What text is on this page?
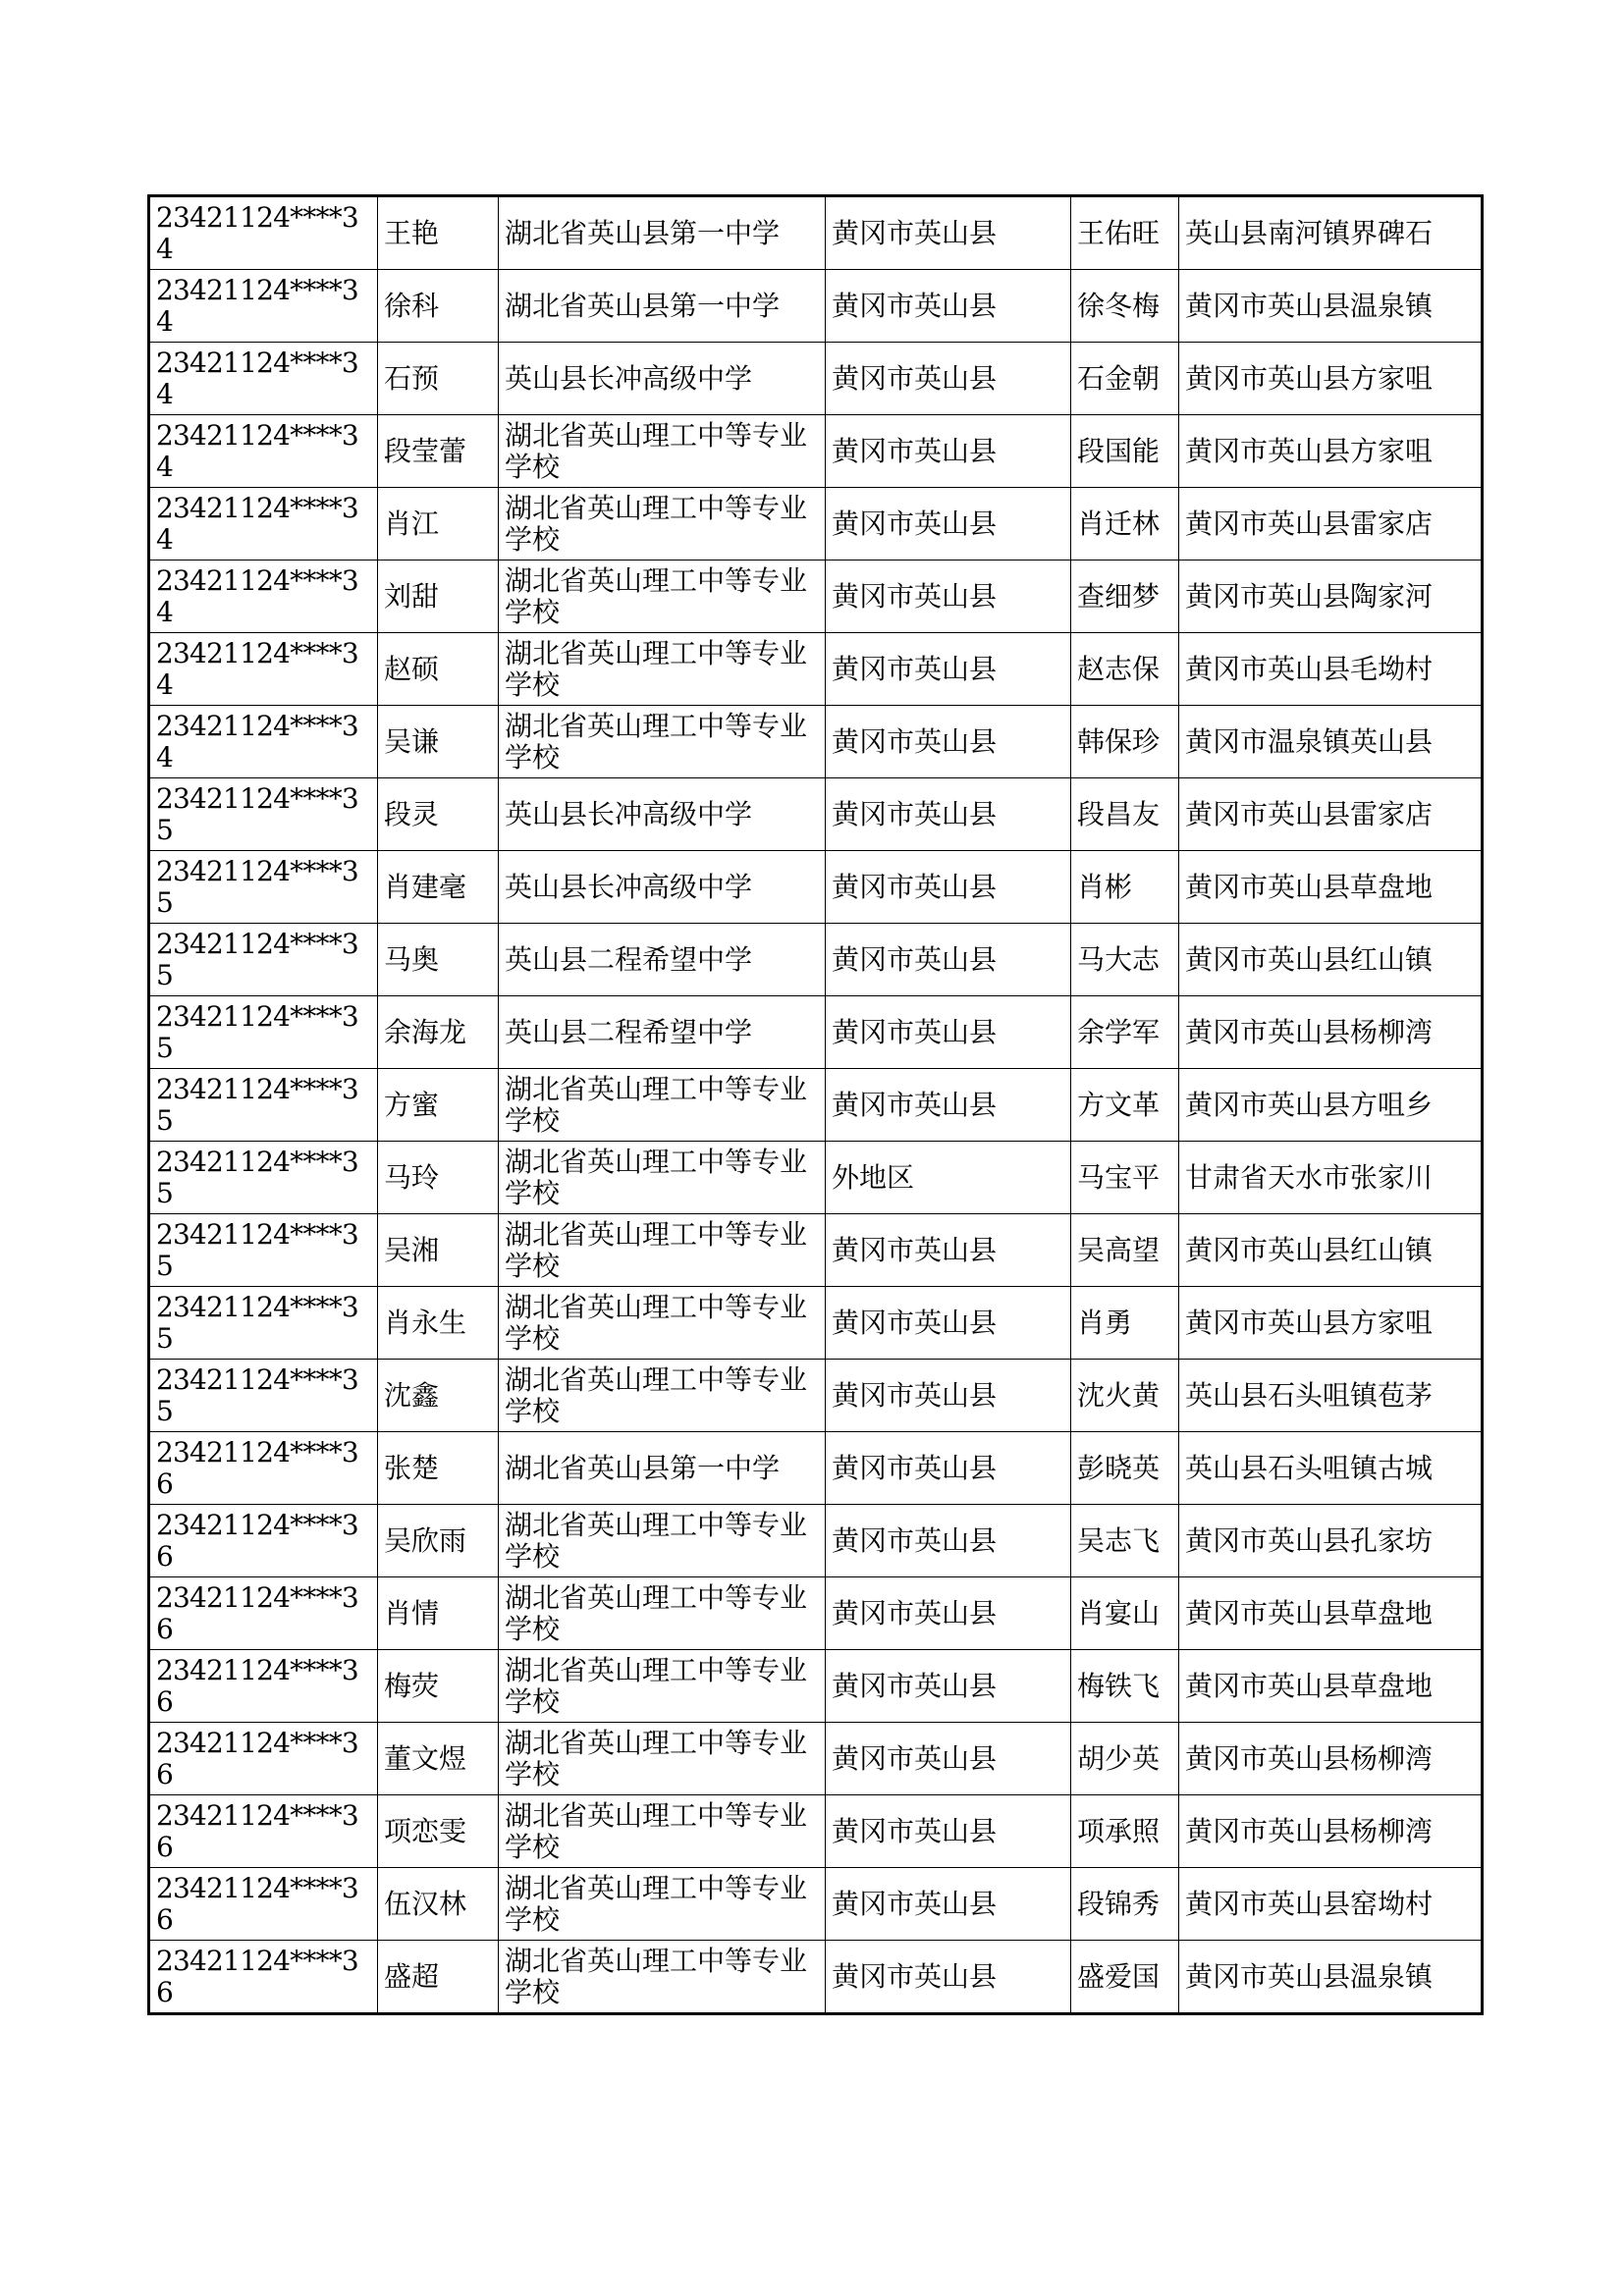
23421124****34	王艳	湖北省英山县第一中学	黄冈市英山县	王佑旺	英山县南河镇界碑石
23421124****34	徐科	湖北省英山县第一中学	黄冈市英山县	徐冬梅	黄冈市英山县温泉镇
23421124****34	石预	英山县长冲高级中学	黄冈市英山县	石金朝	黄冈市英山县方家咀
23421124****34	段莹蕾	湖北省英山理工中等专业学校	黄冈市英山县	段国能	黄冈市英山县方家咀
23421124****34	肖江	湖北省英山理工中等专业学校	黄冈市英山县	肖迁林	黄冈市英山县雷家店
23421124****34	刘甜	湖北省英山理工中等专业学校	黄冈市英山县	查细梦	黄冈市英山县陶家河
23421124****34	赵硕	湖北省英山理工中等专业学校	黄冈市英山县	赵志保	黄冈市英山县毛坳村
23421124****34	吴谦	湖北省英山理工中等专业学校	黄冈市英山县	韩保珍	黄冈市温泉镇英山县
23421124****35	段灵	英山县长冲高级中学	黄冈市英山县	段昌友	黄冈市英山县雷家店
23421124****35	肖建毫	英山县长冲高级中学	黄冈市英山县	肖彬	黄冈市英山县草盘地
23421124****35	马奥	英山县二程希望中学	黄冈市英山县	马大志	黄冈市英山县红山镇
23421124****35	余海龙	英山县二程希望中学	黄冈市英山县	余学军	黄冈市英山县杨柳湾
23421124****35	方蜜	湖北省英山理工中等专业学校	黄冈市英山县	方文革	黄冈市英山县方咀乡
23421124****35	马玲	湖北省英山理工中等专业学校	外地区	马宝平	甘肃省天水市张家川
23421124****35	吴湘	湖北省英山理工中等专业学校	黄冈市英山县	吴高望	黄冈市英山县红山镇
23421124****35	肖永生	湖北省英山理工中等专业学校	黄冈市英山县	肖勇	黄冈市英山县方家咀
23421124****35	沈鑫	湖北省英山理工中等专业学校	黄冈市英山县	沈火黄	英山县石头咀镇苞茅
23421124****36	张楚	湖北省英山县第一中学	黄冈市英山县	彭晓英	英山县石头咀镇古城
23421124****36	吴欣雨	湖北省英山理工中等专业学校	黄冈市英山县	吴志飞	黄冈市英山县孔家坊
23421124****36	肖情	湖北省英山理工中等专业学校	黄冈市英山县	肖宴山	黄冈市英山县草盘地
23421124****36	梅荧	湖北省英山理工中等专业学校	黄冈市英山县	梅铁飞	黄冈市英山县草盘地
23421124****36	董文煜	湖北省英山理工中等专业学校	黄冈市英山县	胡少英	黄冈市英山县杨柳湾
23421124****36	项恋雯	湖北省英山理工中等专业学校	黄冈市英山县	项承照	黄冈市英山县杨柳湾
23421124****36	伍汉林	湖北省英山理工中等专业学校	黄冈市英山县	段锦秀	黄冈市英山县窑坳村
23421124****36	盛超	湖北省英山理工中等专业学校	黄冈市英山县	盛爱国	黄冈市英山县温泉镇
